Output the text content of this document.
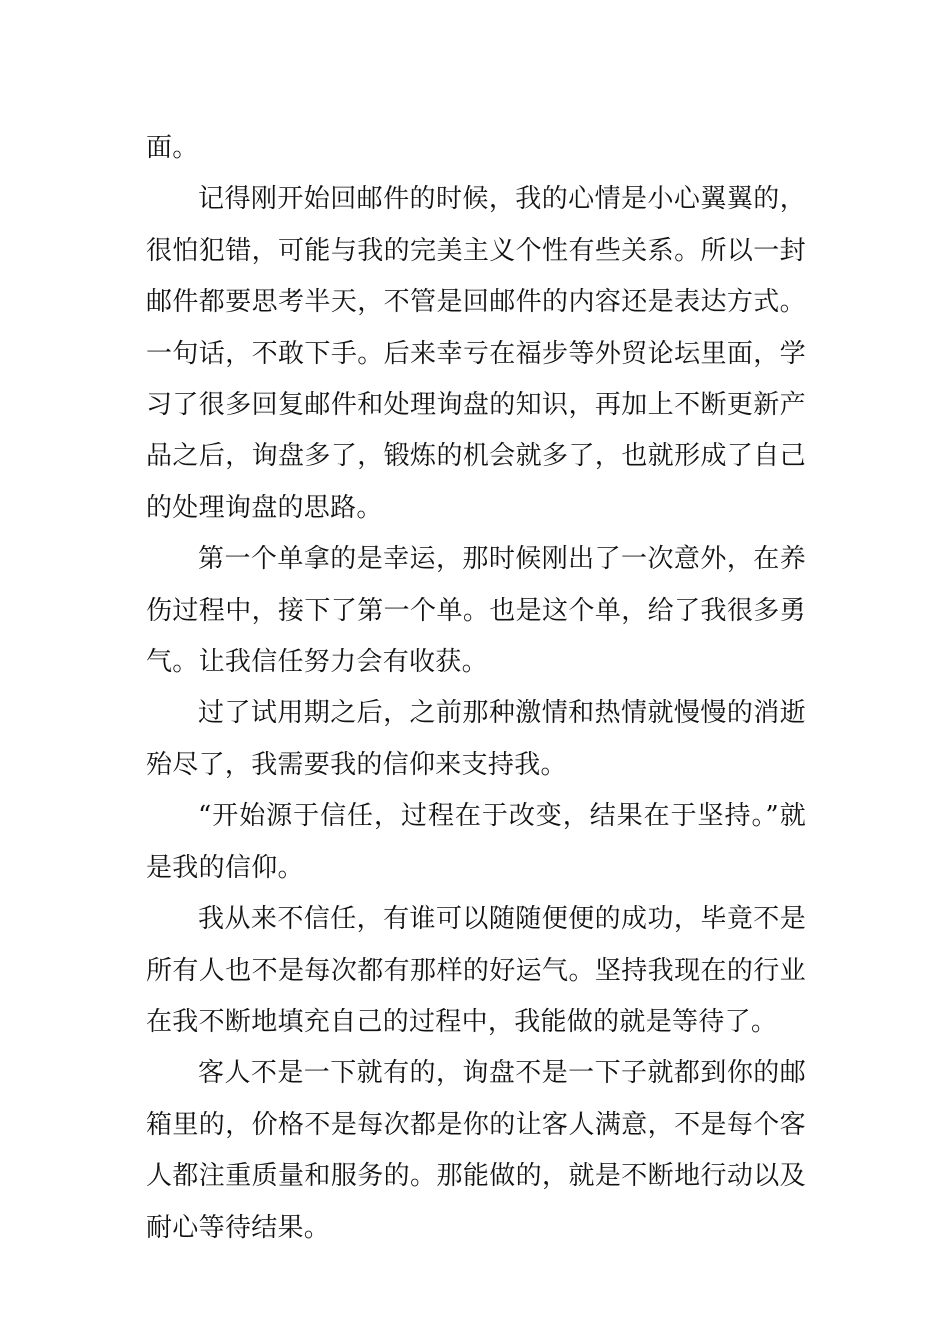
面。

记得刚开始回邮件的时候，我的心情是小心翼翼的，很怕犯错，可能与我的完美主义个性有些关系。所以一封邮件都要思考半天，不管是回邮件的内容还是表达方式。一句话，不敢下手。后来幸亏在福步等外贸论坛里面，学习了很多回复邮件和处理询盘的知识，再加上不断更新产品之后，询盘多了，锻炼的机会就多了，也就形成了自己的处理询盘的思路。

第一个单拿的是幸运，那时候刚出了一次意外，在养伤过程中，接下了第一个单。也是这个单，给了我很多勇气。让我信任努力会有收获。

过了试用期之后，之前那种激情和热情就慢慢的消逝殆尽了，我需要我的信仰来支持我。

“开始源于信任，过程在于改变，结果在于坚持。”就是我的信仰。

我从来不信任，有谁可以随随便便的成功，毕竟不是所有人也不是每次都有那样的好运气。坚持我现在的行业在我不断地填充自己的过程中，我能做的就是等待了。

客人不是一下就有的，询盘不是一下子就都到你的邮箱里的，价格不是每次都是你的让客人满意，不是每个客人都注重质量和服务的。那能做的，就是不断地行动以及耐心等待结果。
